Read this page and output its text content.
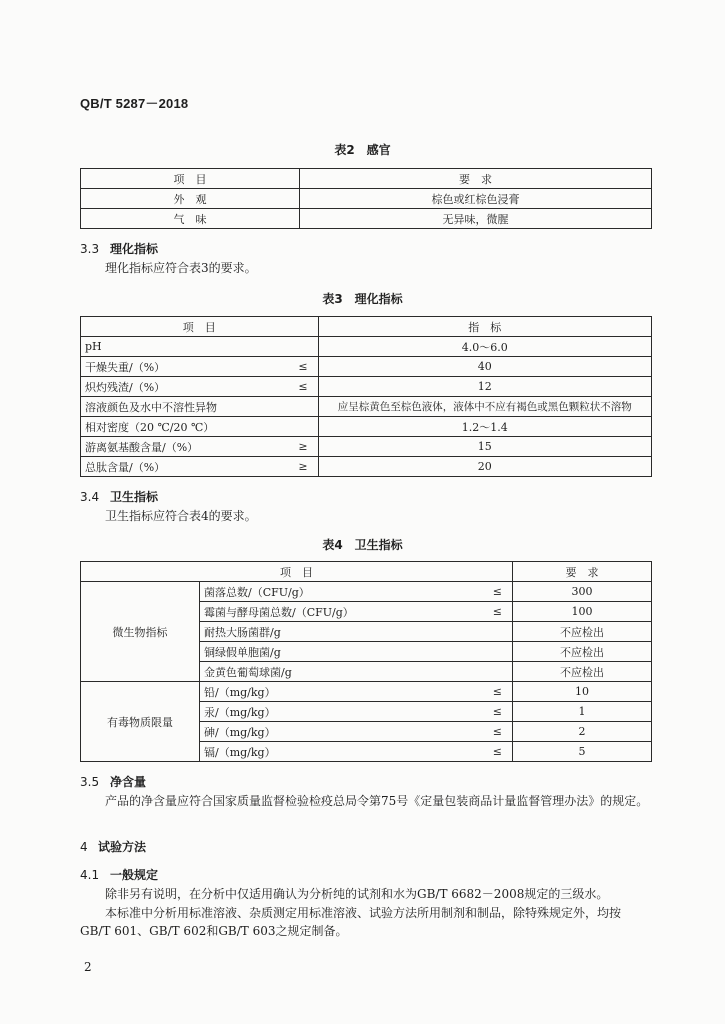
QB/T 5287－2018
表2　感官
项　目	要　求
外　观	棕色或红棕色浸膏
气　味	无异味，微腥
3.3 理化指标
理化指标应符合表3的要求。
表3　理化指标
项　目		指　标
pH		4.0～6.0
干燥失重/（%）	≤	40
炽灼残渣/（%）	≤	12
溶液颜色及水中不溶性异物		应呈棕黄色至棕色液体，液体中不应有褐色或黑色颗粒状不溶物
相对密度（20 ℃/20 ℃）		1.2～1.4
游离氨基酸含量/（%）	≥	15
总肽含量/（%）	≥	20
3.4 卫生指标
卫生指标应符合表4的要求。
表4　卫生指标
项　目			要　求
微生物指标	菌落总数/（CFU/g）	≤	300
	霉菌与酵母菌总数/（CFU/g）	≤	100
	耐热大肠菌群/g		不应检出
	铜绿假单胞菌/g		不应检出
	金黄色葡萄球菌/g		不应检出
有毒物质限量	铅/（mg/kg）	≤	10
	汞/（mg/kg）	≤	1
	砷/（mg/kg）	≤	2
	镉/（mg/kg）	≤	5
3.5 净含量
产品的净含量应符合国家质量监督检验检疫总局令第75号《定量包装商品计量监督管理办法》的规定。
4 试验方法
4.1 一般规定
除非另有说明，在分析中仅适用确认为分析纯的试剂和水为GB/T 6682－2008规定的三级水。
本标准中分析用标准溶液、杂质测定用标准溶液、试验方法所用制剂和制品，除特殊规定外，均按GB/T 601、GB/T 602和GB/T 603之规定制备。
2
